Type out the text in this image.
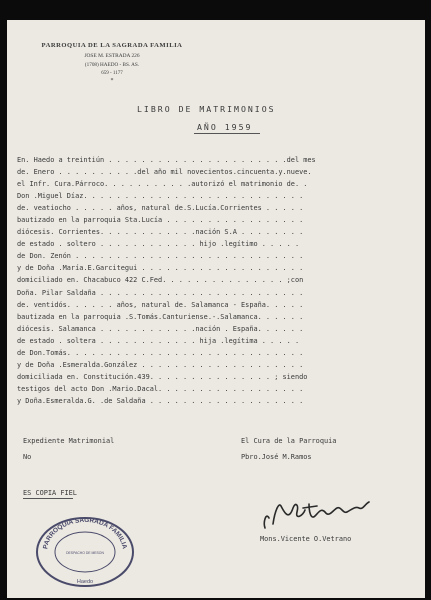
PARROQUIA DE LA SAGRADA FAMILIA
JOSE M. ESTRADA 226
(1708) HAEDO - BS. AS.
659 - 1177
*
LIBRO DE MATRIMONIOS
AÑO 1959
En. Haedo a treintiún . . . . . . . . . . . . . . . . . . . . . .del mes
de. Enero . . . . . . . . . .del año mil novecientos.cincuenta.y.nueve.
el Infr. Cura.Párroco. . . . . . . . . . .autorizó el matrimonio de. .
Don .Miguel Díaz. . . . . . . . . . . . . . . . . . . . . . . . . . .
de. veatiocho . . . . . años, natural de.S.Lucía.Corrientes . . . . .
bautizado en la parroquia Sta.Lucía . . . . . . . . . . . . . . . . .
diócesis. Corrientes. . . . . . . . . . . .nación S.A . . . . . . . .
de estado . soltero . . . . . . . . . . . . hijo .legítimo . . . . .
de Don. Zenón . . . . . . . . . . . . . . . . . . . . . . . . . . . .
y de Doña .María.E.Garcitegui . . . . . . . . . . . . . . . . . . . .
domiciliado en. Chacabuco 422 C.Fed. . . . . . . . . . . . . . . ;con
Doña. Pilar Saldaña . . . . . . . . . . . . . . . . . . . . . . . . .
de. ventidós. . . . . . años, natural de. Salamanca - España. . . . .
bautizada en la parroquia .S.Tomás.Canturiense.-.Salamanca. . . . . .
diócesis. Salamanca . . . . . . . . . . . .nación . España. . . . . .
de estado . soltera . . . . . . . . . . . . hija .legítima . . . . .
de Don.Tomás. . . . . . . . . . . . . . . . . . . . . . . . . . . . .
y de Doña .Esmeralda.González . . . . . . . . . . . . . . . . . . . .
domiciliada en. Constitución.439. . . . . . . . . . . . . . . ; siendo
testigos del acto Don .Mario.Dacal. . . . . . . . . . . . . . . . . .
y Doña.Esmeralda.G. .de Saldaña . . . . . . . . . . . . . . . . . . .
Expediente Matrimonial
No
El Cura de la Parroquia
Pbro.José M.Ramos
ES COPIA FIEL
PARROQUIA SAGRADA FAMILIA
DESPACHO DE MESON
Haedo
J. Vetrano
Mons.Vicente O.Vetrano
